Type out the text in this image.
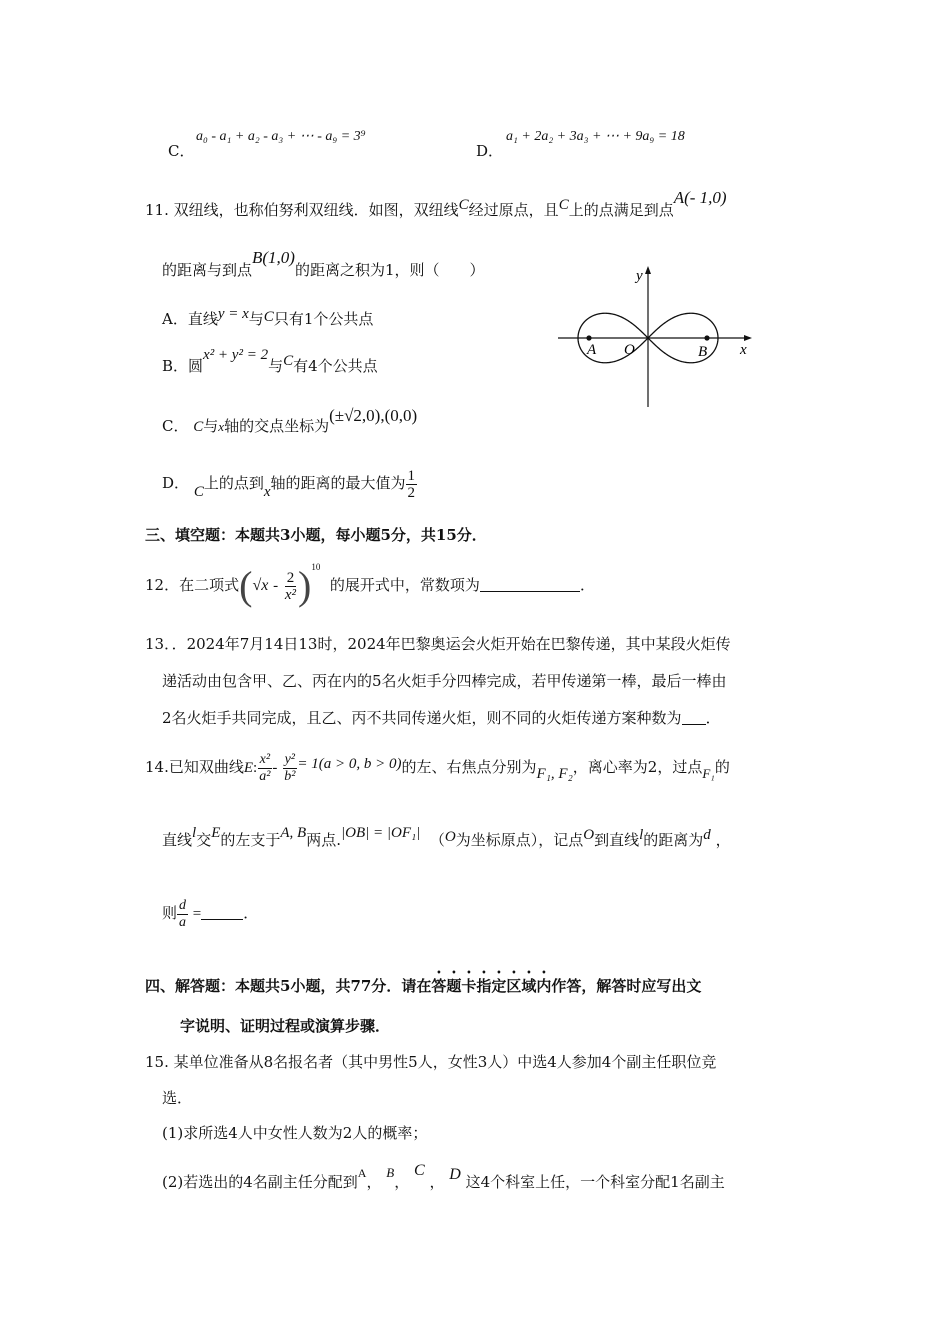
C．
a₀ - a₁ + a₂ - a₃ + ⋯ - a₉ = 3⁹
D．
a₁ + 2a₂ + 3a₃ + ⋯ + 9a₉ = 18
11. 双纽线，也称伯努利双纽线．如图，双纽线C经过原点，且C上的点满足到点A(- 1,0)
的距离与到点B(1,0)的距离之积为1，则（　　）
A．直线y = x与C只有1个公共点
B．圆x² + y² = 2与C有4个公共点
C． C与x轴的交点坐标为(±√2,0),(0,0)
D． C上的点到x轴的距离的最大值为 $\frac{1}{2}$
y
x
A O	B
三、填空题：本题共3小题，每小题5分，共15分．
12．在二项式$(√x - \frac{2}{\text{x²}} )^{10}$  的展开式中，常数项为	．
13．．2024年7月14日13时，2024年巴黎奥运会火炬开始在巴黎传递，其中某段火炬传
递活动由包含甲、乙、丙在内的5名火炬手分四棒完成，若甲传递第一棒，最后一棒由
2名火炬手共同完成，且乙、丙不共同传递火炬，则不同的火炬传递方案种数为 ．
14.已知双曲线E: $\frac{\text{x²}}{\text{a²}} - \frac{\text{y²}}{\text{b²}} = 1(a > 0$, b > 0)的左、右焦点分别为F₁, F₂，离心率为2，过点F₁的
直线l交E的左支于A, B两点.|OB| = |OF₁| （O为坐标原点），记点O到直线l的距离为d ，
则 $\frac{d}{a}$ =	．
四、解答题：本题共5小题，共77分．请在答题卡指定区域内作答，解答时应写出文
字说明、证明过程或演算步骤．
15. 某单位准备从8名报名者（其中男性5人，女性3人）中选4人参加4个副主任职位竞
选．
(1)求所选4人中女性人数为2人的概率；
(2)若选出的4名副主任分配到$^A$， B， C ， D 这4个科室上任，一个科室分配1名副主
